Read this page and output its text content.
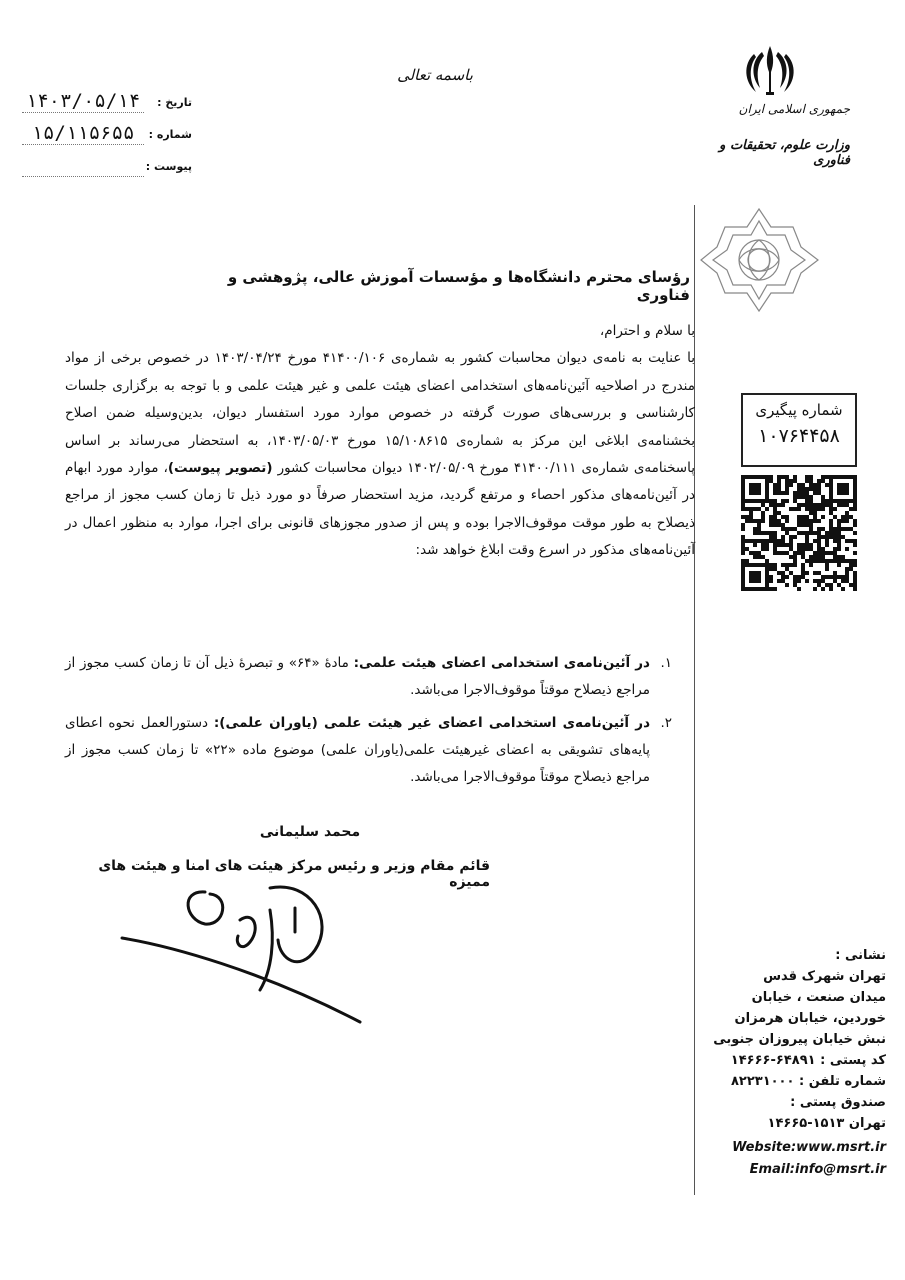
باسمه تعالی
تاریخ :
۱۴۰۳/۰۵/۱۴
شماره :
۱۵/۱۱۵۶۵۵
پیوست :
جمهوری اسلامی ایران
وزارت علوم، تحقیقات و فناوری
رؤسای محترم دانشگاه‌ها و مؤسسات آموزش عالی، پژوهشی و فناوری

با سلام و احترام،

با عنایت به نامه‌ی دیوان محاسبات کشور به شماره‌ی ۴۱۴۰۰/۱۰۶ مورخ ۱۴۰۳/۰۴/۲۴ در خصوص برخی از مواد مندرج در اصلاحیه آئین‌نامه‌های استخدامی اعضای هیئت علمی و غیر هیئت علمی و با توجه به برگزاری جلسات کارشناسی و بررسی‌های صورت گرفته در خصوص موارد مورد استفسار دیوان، بدین‌وسیله ضمن اصلاح بخشنامه‌ی ابلاغی این مرکز به شماره‌ی ۱۵/۱۰۸۶۱۵ مورخ ۱۴۰۳/۰۵/۰۳، به استحضار می‌رساند بر اساس پاسخنامه‌ی شماره‌ی ۴۱۴۰۰/۱۱۱ مورخ ۱۴۰۲/۰۵/۰۹ دیوان محاسبات کشور (تصویر پیوست)، موارد مورد ابهام در آئین‌نامه‌های مذکور احصاء و مرتفع گردید، مزید استحضار صرفاً دو مورد ذیل تا زمان کسب مجوز از مراجع ذیصلاح به طور موقت موقوف‌الاجرا بوده و پس از صدور مجوزهای قانونی برای اجرا، موارد به منظور اعمال در آئین‌نامه‌های مذکور در اسرع وقت ابلاغ خواهد شد:

۱.
در آئین‌نامه‌ی استخدامی اعضای هیئت علمی: مادهٔ «۶۴» و تبصرهٔ ذیل آن تا زمان کسب مجوز از مراجع ذیصلاح موقتاً موقوف‌الاجرا می‌باشد.
۲.
در آئین‌نامه‌ی استخدامی اعضای غیر هیئت علمی (یاوران علمی): دستورالعمل نحوه اعطای پایه‌های تشویقی به اعضای غیرهیئت علمی(یاوران علمی) موضوع ماده «۲۲» تا زمان کسب مجوز از مراجع ذیصلاح موقتاً موقوف‌الاجرا می‌باشد.
محمد سلیمانی
قائم مقام وزیر و رئیس مرکز هیئت های امنا و هیئت های ممیزه
شماره پیگیری
۱۰۷۶۴۴۵۸
نشانی :
تهران شهرک قدس
میدان صنعت ، خیابان
خوردین، خیابان هرمزان
نبش خیابان پیروزان جنوبی
کد پستی : ۶۴۸۹۱-۱۴۶۶۶
شماره تلفن : ۸۲۲۳۱۰۰۰
صندوق پستی :
تهران ۱۵۱۳-۱۴۶۶۵
Website:www.msrt.ir
Email:info@msrt.ir
